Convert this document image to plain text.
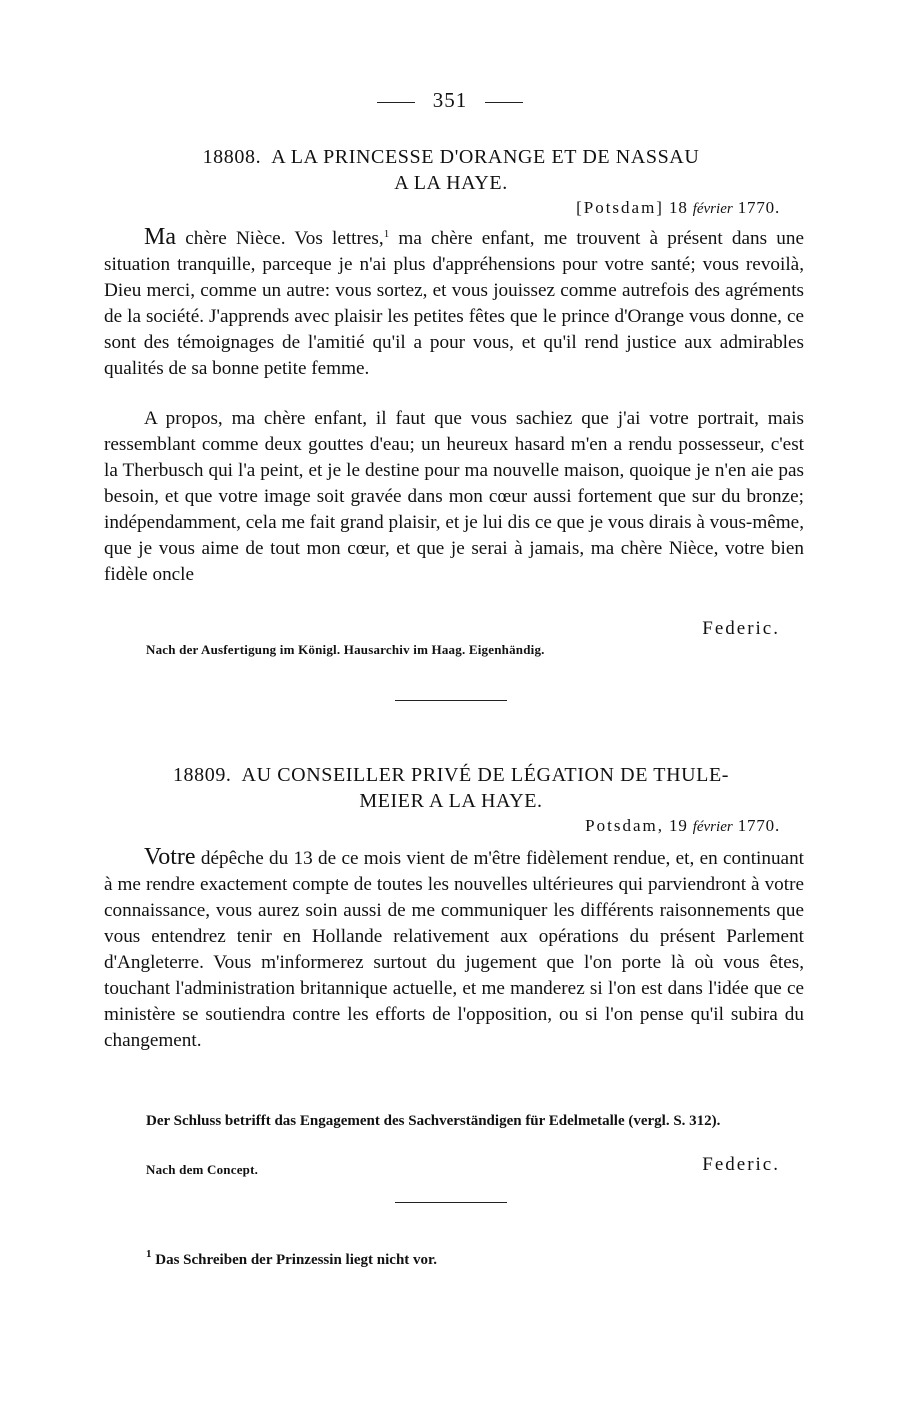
351
18808. A LA PRINCESSE D'ORANGE ET DE NASSAU
A LA HAYE.
[Potsdam] 18 février 1770.

Ma chère Nièce. Vos lettres,$^1$ ma chère enfant, me trouvent à présent dans une situation tranquille, parceque je n'ai plus d'appréhensions pour votre santé; vous revoilà, Dieu merci, comme un autre: vous sortez, et vous jouissez comme autrefois des agréments de la société. J'apprends avec plaisir les petites fêtes que le prince d'Orange vous donne, ce sont des témoignages de l'amitié qu'il a pour vous, et qu'il rend justice aux admirables qualités de sa bonne petite femme.

A propos, ma chère enfant, il faut que vous sachiez que j'ai votre portrait, mais ressemblant comme deux gouttes d'eau; un heureux hasard m'en a rendu possesseur, c'est la Therbusch qui l'a peint, et je le destine pour ma nouvelle maison, quoique je n'en aie pas besoin, et que votre image soit gravée dans mon cœur aussi fortement que sur du bronze; indépendamment, cela me fait grand plaisir, et je lui dis ce que je vous dirais à vous-même, que je vous aime de tout mon cœur, et que je serai à jamais, ma chère Nièce, votre bien fidèle oncle

Federic.
Nach der Ausfertigung im Königl. Hausarchiv im Haag. Eigenhändig.
18809. AU CONSEILLER PRIVÉ DE LÉGATION DE THULE-
MEIER A LA HAYE.
Potsdam, 19 février 1770.

Votre dépêche du 13 de ce mois vient de m'être fidèlement rendue, et, en continuant à me rendre exactement compte de toutes les nouvelles ultérieures qui parviendront à votre connaissance, vous aurez soin aussi de me communiquer les différents raisonnements que vous entendrez tenir en Hollande relativement aux opérations du présent Parlement d'Angleterre. Vous m'informerez surtout du jugement que l'on porte là où vous êtes, touchant l'administration britannique actuelle, et me manderez si l'on est dans l'idée que ce ministère se soutiendra contre les efforts de l'opposition, ou si l'on pense qu'il subira du changement.

Der Schluss betrifft das Engagement des Sachverständigen für Edelmetalle (vergl. S. 312).

Nach dem Concept.	Federic.
$^1$ Das Schreiben der Prinzessin liegt nicht vor.
